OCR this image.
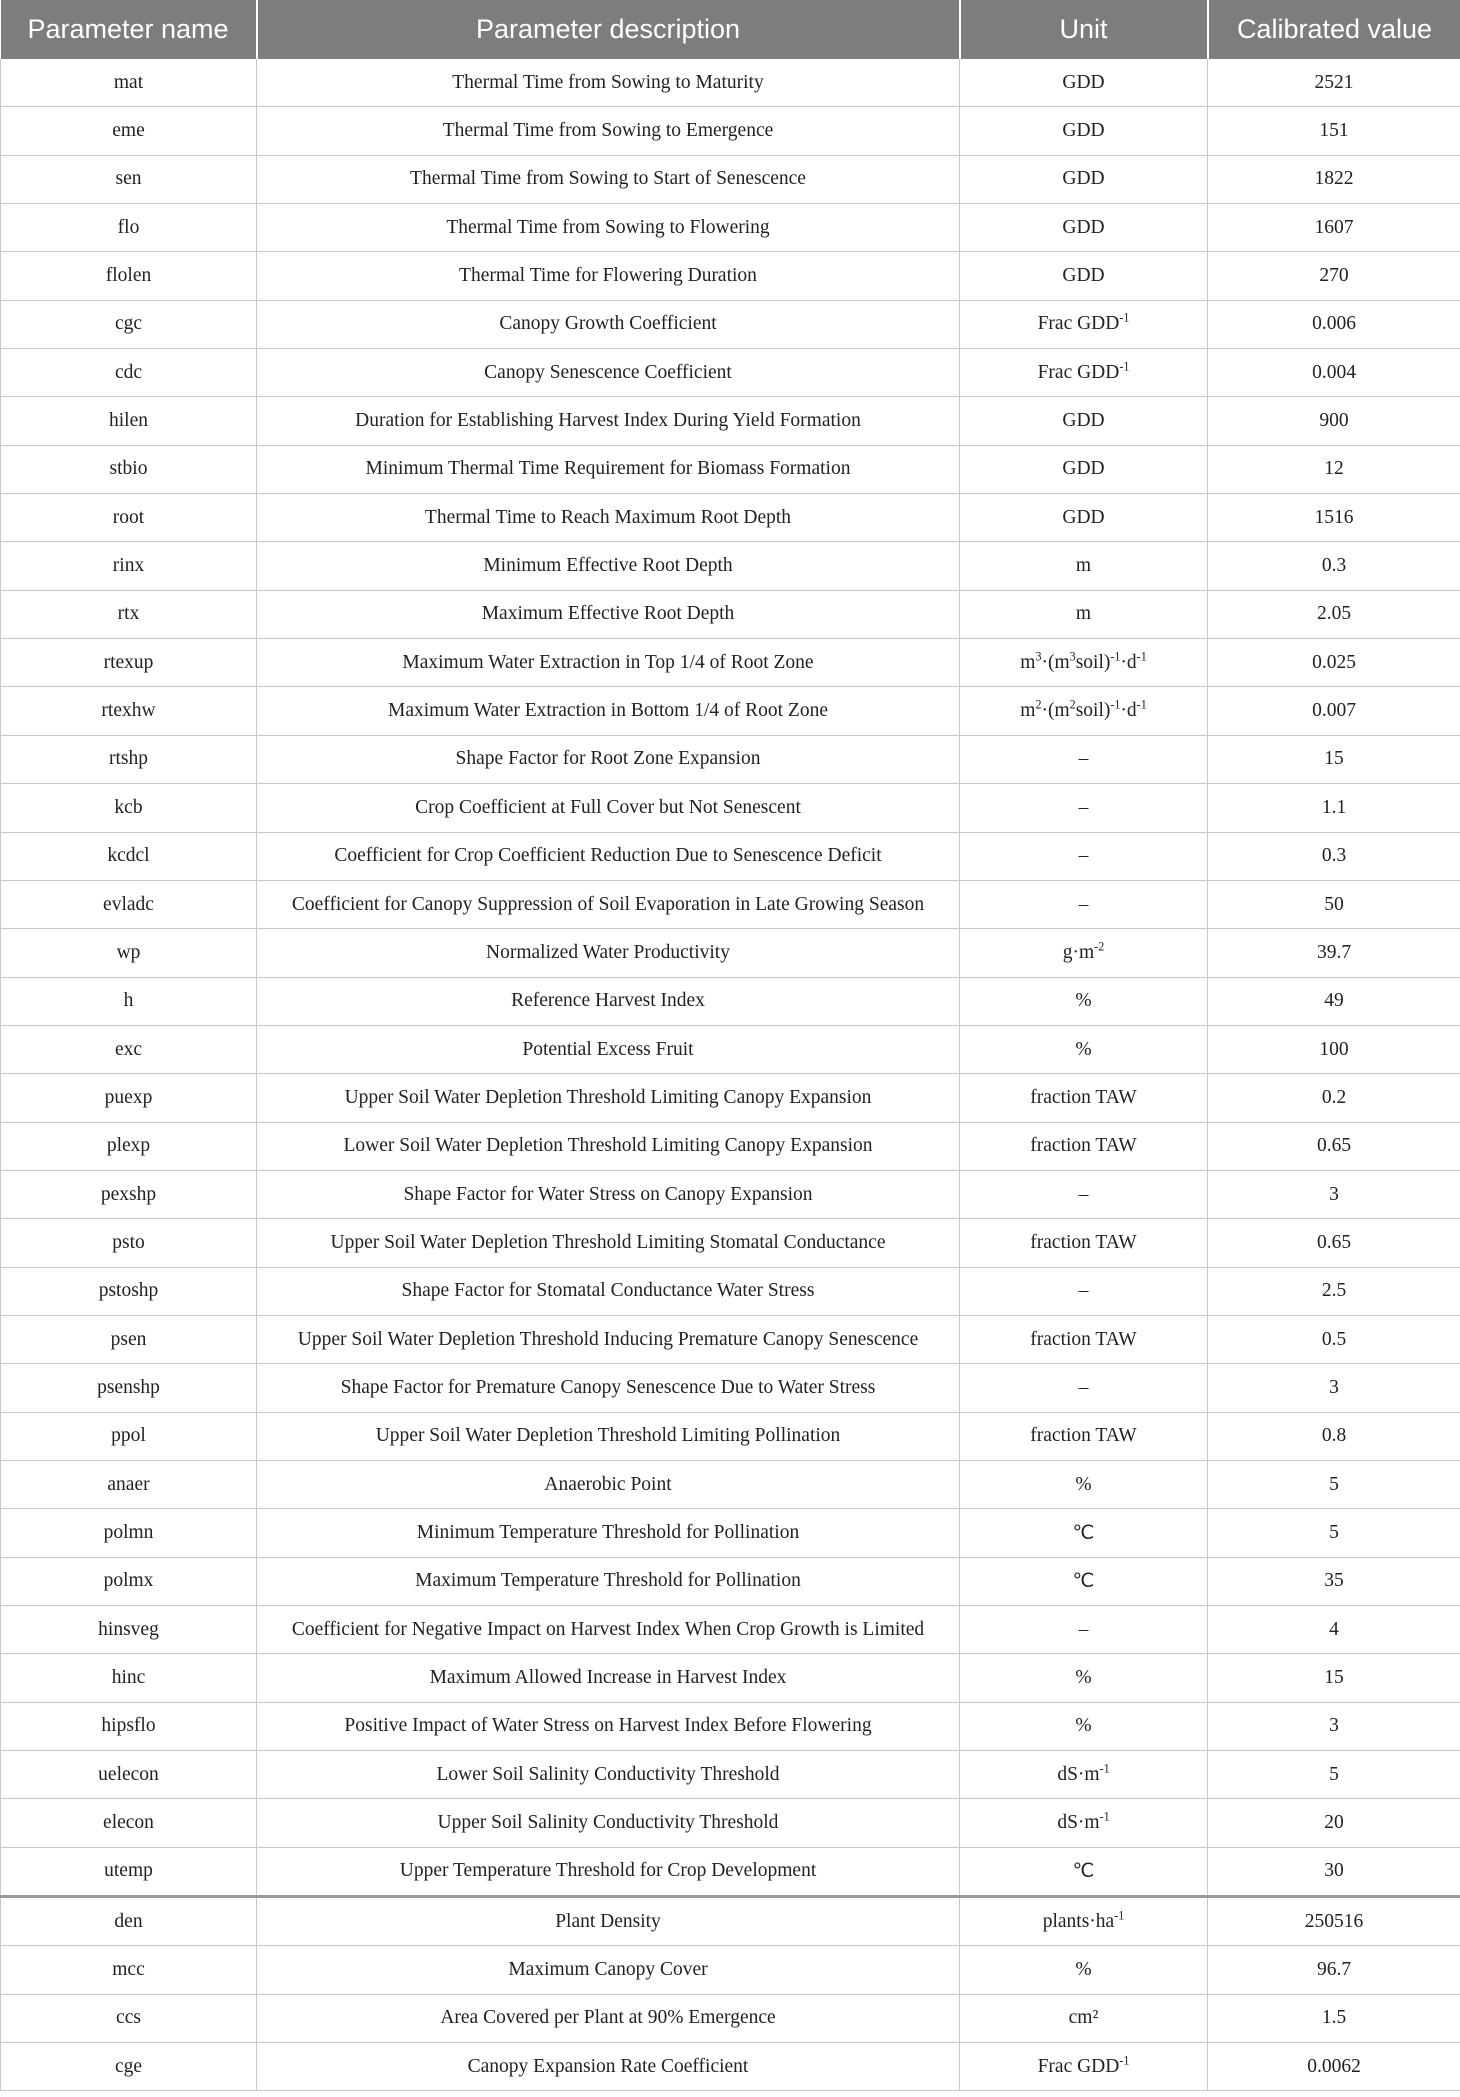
Parameter name	Parameter description	Unit	Calibrated value
mat	Thermal Time from Sowing to Maturity	GDD	2521
eme	Thermal Time from Sowing to Emergence	GDD	151
sen	Thermal Time from Sowing to Start of Senescence	GDD	1822
flo	Thermal Time from Sowing to Flowering	GDD	1607
flolen	Thermal Time for Flowering Duration	GDD	270
cgc	Canopy Growth Coefficient	Frac $GDD^{-1}$	0.006
cdc	Canopy Senescence Coefficient	Frac $GDD^{-1}$	0.004
hilen	Duration for Establishing Harvest Index During Yield Formation	GDD	900
stbio	Minimum Thermal Time Requirement for Biomass Formation	GDD	12
root	Thermal Time to Reach Maximum Root Depth	GDD	1516
rinx	Minimum Effective Root Depth	m	0.3
rtx	Maximum Effective Root Depth	m	2.05
rtexup	Maximum Water Extraction in Top 1/4 of Root Zone	$m^3\cdot(m^3soil)^{-1}\cdot d^{-1}$	0.025
rtexhw	Maximum Water Extraction in Bottom 1/4 of Root Zone	$m^2\cdot(m^2soil)^{-1}\cdot d^{-1}$	0.007
rtshp	Shape Factor for Root Zone Expansion	–	15
kcb	Crop Coefficient at Full Cover but Not Senescent	–	1.1
kcdcl	Coefficient for Crop Coefficient Reduction Due to Senescence Deficit	–	0.3
evladc	Coefficient for Canopy Suppression of Soil Evaporation in Late Growing Season	–	50
wp	Normalized Water Productivity	$g\cdot m^{-2}$	39.7
h	Reference Harvest Index	%	49
exc	Potential Excess Fruit	%	100
puexp	Upper Soil Water Depletion Threshold Limiting Canopy Expansion	fraction TAW	0.2
plexp	Lower Soil Water Depletion Threshold Limiting Canopy Expansion	fraction TAW	0.65
pexshp	Shape Factor for Water Stress on Canopy Expansion	–	3
psto	Upper Soil Water Depletion Threshold Limiting Stomatal Conductance	fraction TAW	0.65
pstoshp	Shape Factor for Stomatal Conductance Water Stress	–	2.5
psen	Upper Soil Water Depletion Threshold Inducing Premature Canopy Senescence	fraction TAW	0.5
psenshp	Shape Factor for Premature Canopy Senescence Due to Water Stress	–	3
ppol	Upper Soil Water Depletion Threshold Limiting Pollination	fraction TAW	0.8
anaer	Anaerobic Point	%	5
polmn	Minimum Temperature Threshold for Pollination	℃	5
polmx	Maximum Temperature Threshold for Pollination	℃	35
hinsveg	Coefficient for Negative Impact on Harvest Index When Crop Growth is Limited	–	4
hinc	Maximum Allowed Increase in Harvest Index	%	15
hipsflo	Positive Impact of Water Stress on Harvest Index Before Flowering	%	3
uelecon	Lower Soil Salinity Conductivity Threshold	$dS\cdot m^{-1}$	5
elecon	Upper Soil Salinity Conductivity Threshold	$dS\cdot m^{-1}$	20
utemp	Upper Temperature Threshold for Crop Development	℃	30
den	Plant Density	$plants\cdot ha^{-1}$	250516
mcc	Maximum Canopy Cover	%	96.7
ccs	Area Covered per Plant at 90% Emergence	cm²	1.5
cge	Canopy Expansion Rate Coefficient	Frac $GDD^{-1}$	0.0062
